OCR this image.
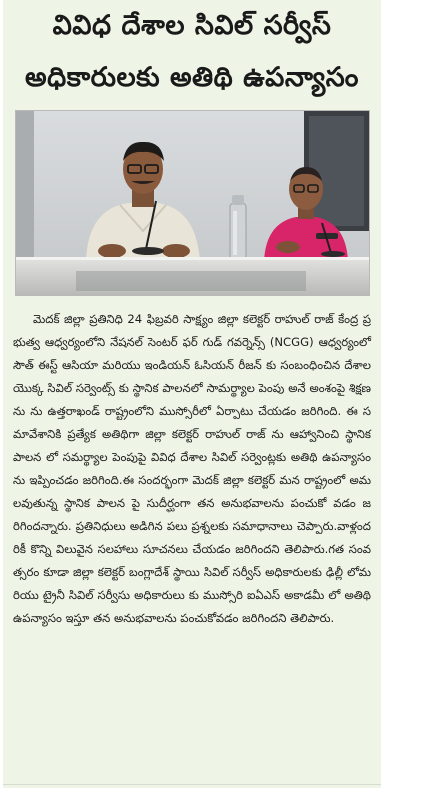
వివిధ దేశాల సివిల్ సర్వీస్
అధికారులకు అతిథి ఉపన్యాసం

మెదక్ జిల్లా ప్రతినిధి 24 ఫిబ్రవరి సాక్ష్యం జిల్లా కలెక్టర్ రాహుల్ రాజ్ కేంద్ర ప్రభుత్వ ఆధ్వర్యంలోని నేషనల్ సెంటర్ ఫర్ గుడ్ గవర్నెన్స్ (NCGG) ఆధ్వర్యంలో సౌత్ ఈస్ట్ ఆసియా మరియు ఇండియన్ ఓసియన్ రీజన్ కు సంబంధించిన దేశాల యొక్క సివిల్ సర్వెంట్స్ కు స్థానిక పాలనలో సామర్థ్యాల పెంపు అనే అంశంపై శిక్షణను ను ఉత్తరాఖండ్ రాష్ట్రంలోని ముస్సోరీలో ఏర్పాటు చేయడం జరిగింది. ఈ సమావేశానికి ప్రత్యేక అతిథిగా జిల్లా కలెక్టర్ రాహుల్ రాజ్ ను ఆహ్వానించి స్థానిక పాలన లో సమర్థ్యాల పెంపుపై వివిధ దేశాల సివిల్ సర్వెంట్లకు అతిథి ఉపన్యాసం ను ఇప్పించడం జరిగింది.ఈ సందర్భంగా మెదక్ జిల్లా కలెక్టర్ మన రాష్ట్రంలో అమలవుతున్న స్థానిక పాలన పై సుదీర్ఘంగా తన అనుభవాలను పంచుకో వడం జరిగిందన్నారు. ప్రతినిధులు అడిగిన పలు ప్రశ్నలకు సమాధానాలు చెప్పారు.వాళ్లందరికీ కొన్ని విలువైన సలహాలు సూచనలు చేయడం జరిగిందని తెలిపారు.గత సంవత్సరం కూడా జిల్లా కలెక్టర్ బంగ్లాదేశ్ స్థాయి సివిల్ సర్వీస్ అధికారులకు ఢిల్లీ లోమరియు ట్రైనీ సివిల్ సర్వీసు అధికారులు కు ముస్సోరి ఐఏఎస్ అకాడమీ లో అతిథి ఉపన్యాసం ఇస్తూ తన అనుభవాలను పంచుకోవడం జరిగిందని తెలిపారు.
